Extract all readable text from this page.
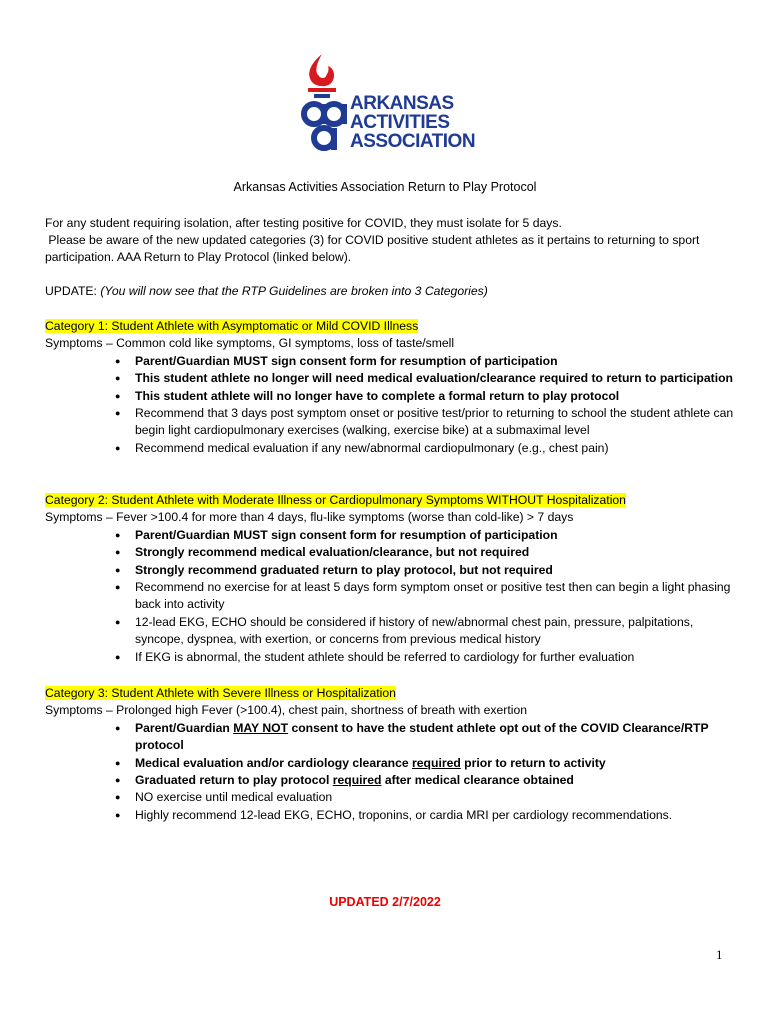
ARKANSAS
ACTIVITIES
ASSOCIATION
Arkansas Activities Association Return to Play Protocol
For any student requiring isolation, after testing positive for COVID, they must isolate for 5 days.
Please be aware of the new updated categories (3) for COVID positive student athletes as it pertains to returning to sport participation. AAA Return to Play Protocol (linked below).
UPDATE: (You will now see that the RTP Guidelines are broken into 3 Categories)
Category 1: Student Athlete with Asymptomatic or Mild COVID Illness
Symptoms – Common cold like symptoms, GI symptoms, loss of taste/smell
● Parent/Guardian MUST sign consent form for resumption of participation
● This student athlete no longer will need medical evaluation/clearance required to return to participation
● This student athlete will no longer have to complete a formal return to play protocol
● Recommend that 3 days post symptom onset or positive test/prior to returning to school the student athlete can begin light cardiopulmonary exercises (walking, exercise bike) at a submaximal level
● Recommend medical evaluation if any new/abnormal cardiopulmonary (e.g., chest pain)
Category 2: Student Athlete with Moderate Illness or Cardiopulmonary Symptoms WITHOUT Hospitalization
Symptoms – Fever >100.4 for more than 4 days, flu-like symptoms (worse than cold-like) > 7 days
● Parent/Guardian MUST sign consent form for resumption of participation
● Strongly recommend medical evaluation/clearance, but not required
● Strongly recommend graduated return to play protocol, but not required
● Recommend no exercise for at least 5 days form symptom onset or positive test then can begin a light phasing back into activity
● 12-lead EKG, ECHO should be considered if history of new/abnormal chest pain, pressure, palpitations, syncope, dyspnea, with exertion, or concerns from previous medical history
● If EKG is abnormal, the student athlete should be referred to cardiology for further evaluation
Category 3: Student Athlete with Severe Illness or Hospitalization
Symptoms – Prolonged high Fever (>100.4), chest pain, shortness of breath with exertion
● Parent/Guardian MAY NOT consent to have the student athlete opt out of the COVID Clearance/RTP protocol
● Medical evaluation and/or cardiology clearance required prior to return to activity
● Graduated return to play protocol required after medical clearance obtained
● NO exercise until medical evaluation
● Highly recommend 12-lead EKG, ECHO, troponins, or cardia MRI per cardiology recommendations.
UPDATED 2/7/2022
1
